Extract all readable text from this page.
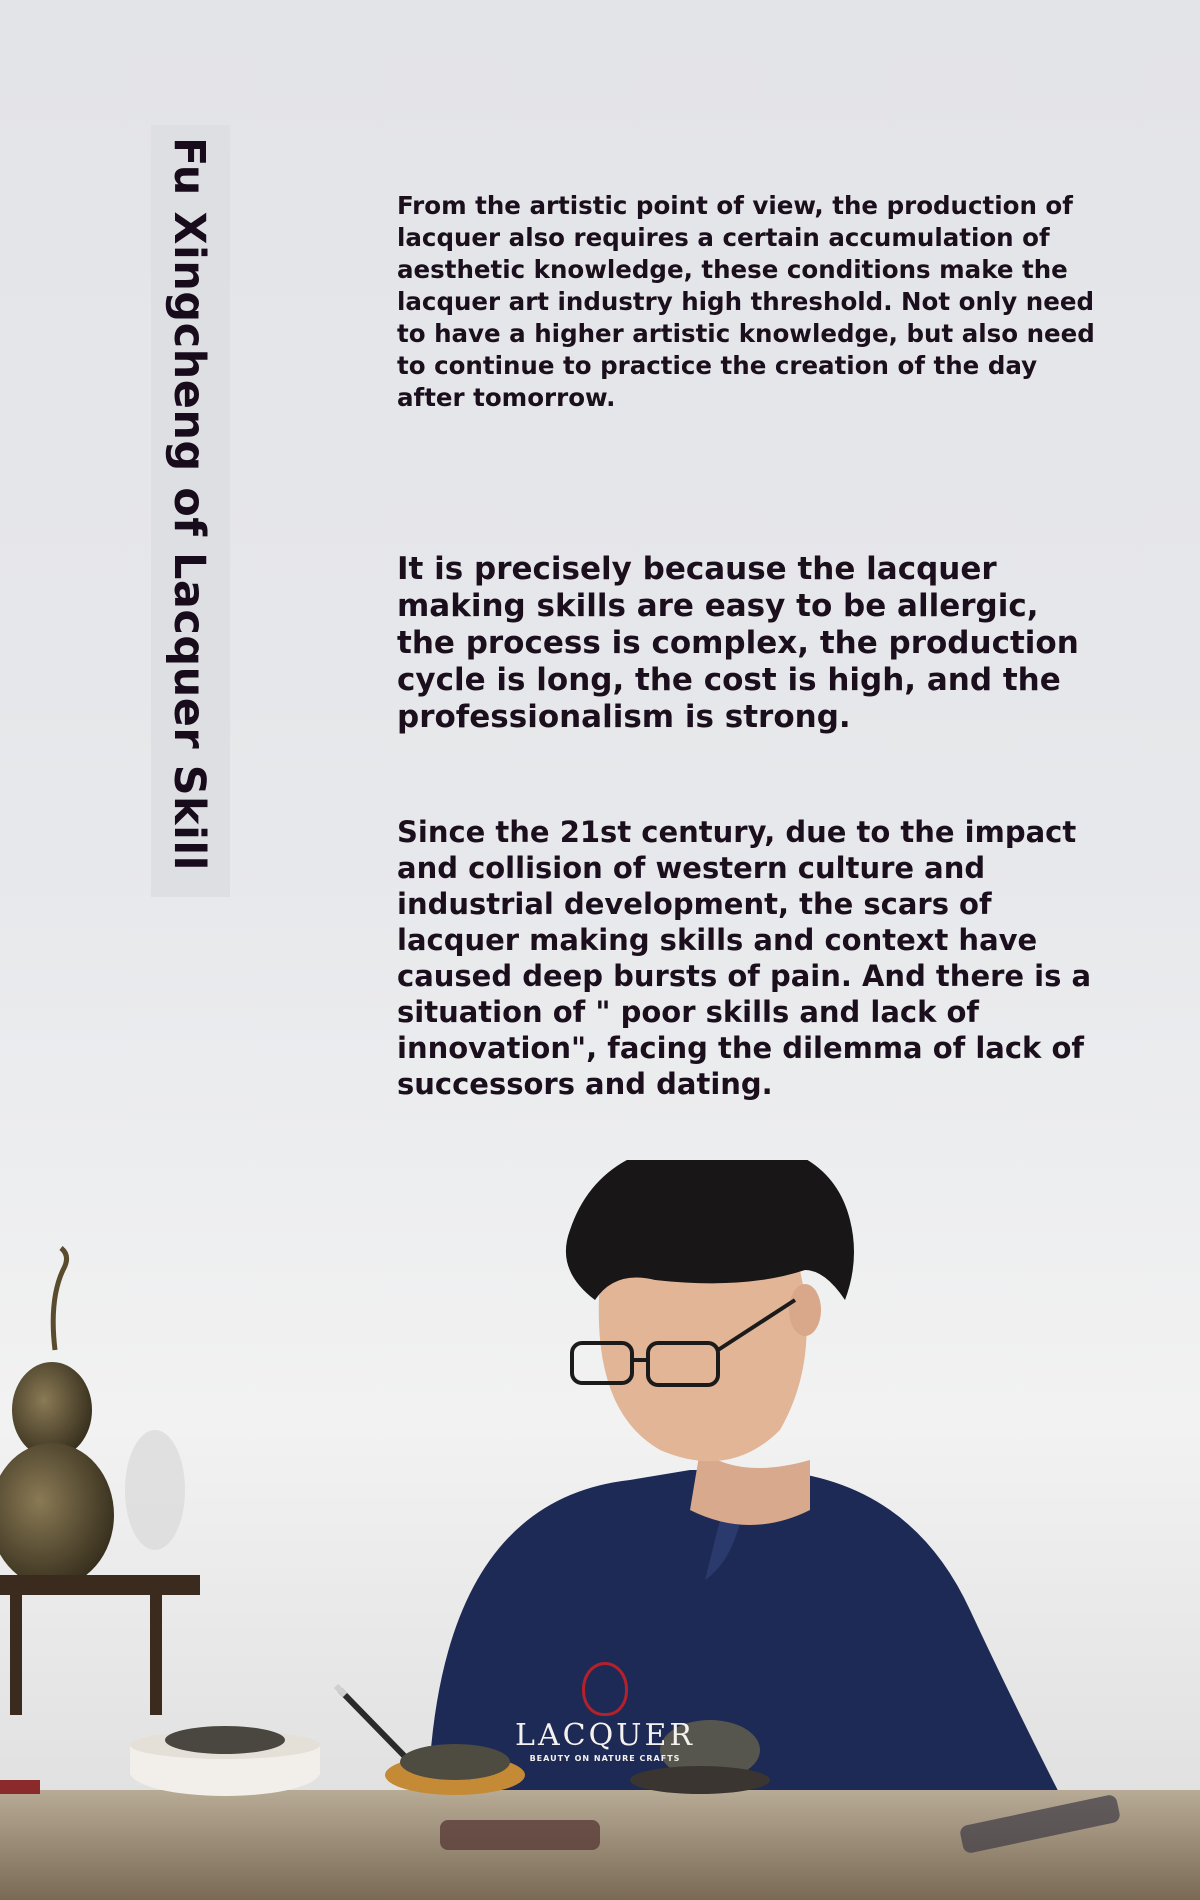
Fu Xingcheng of Lacquer Skill	From the artistic point of view, the production of lacquer also requires a certain accumulation of aesthetic knowledge, these conditions make the lacquer art industry high threshold. Not only need to have a higher artistic knowledge, but also need to continue to practice the creation of the day after tomorrow.

It is precisely because the lacquer making skills are easy to be allergic, the process is complex, the production cycle is long, the cost is high, and the professionalism is strong.

Since the 21st century, due to the impact and collision of western culture and industrial development, the scars of lacquer making skills and context have caused deep bursts of pain. And there is a situation of " poor skills and lack of innovation", facing the dilemma of lack of successors and dating.

LACQUER
BEAUTY ON NATURE CRAFTS
